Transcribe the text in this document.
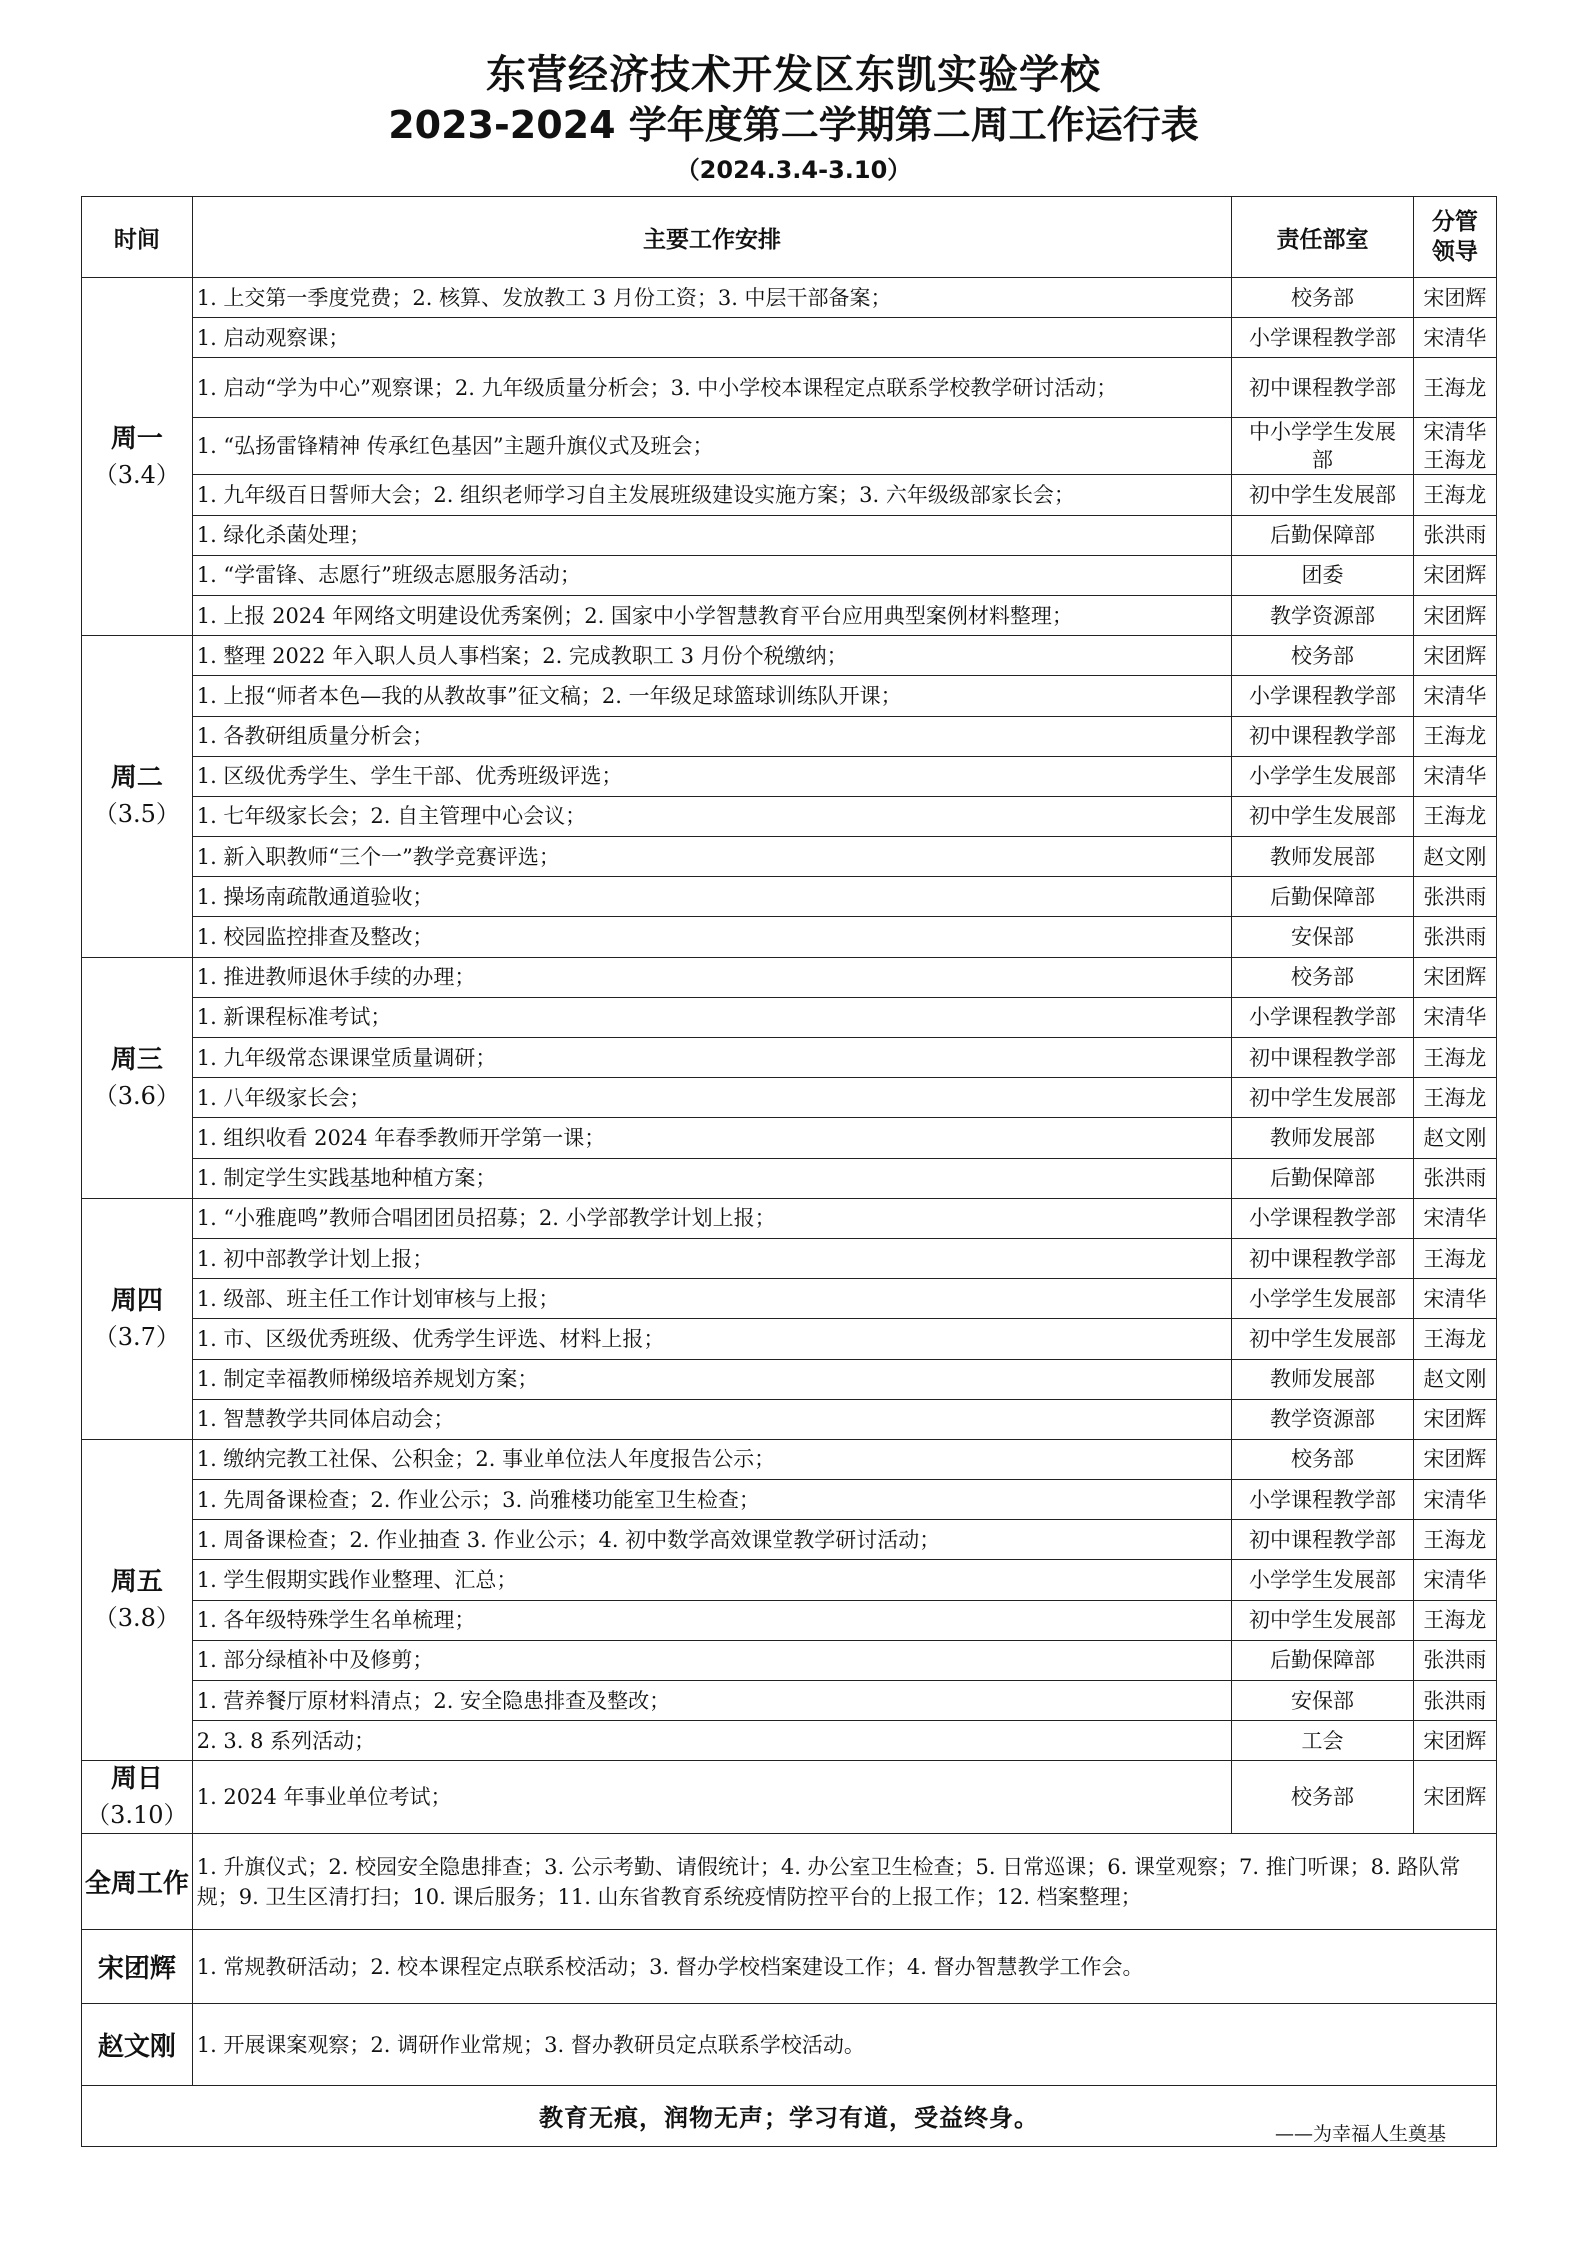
东营经济技术开发区东凯实验学校
2023-2024 学年度第二学期第二周工作运行表
（2024.3.4-3.10）
时间	主要工作安排	责任部室	分管
领导

周一
（3.4）	1. 上交第一季度党费；2. 核算、发放教工 3 月份工资；3. 中层干部备案；	校务部	宋团辉
	1. 启动观察课；	小学课程教学部	宋清华
	1. 启动“学为中心”观察课；2. 九年级质量分析会；3. 中小学校本课程定点联系学校教学研讨活动；	初中课程教学部	王海龙
	1. “弘扬雷锋精神 传承红色基因”主题升旗仪式及班会；	中小学学生发展部	宋清华 王海龙
	1. 九年级百日誓师大会；2. 组织老师学习自主发展班级建设实施方案；3. 六年级级部家长会；	初中学生发展部	王海龙
	1. 绿化杀菌处理；	后勤保障部	张洪雨
	1. “学雷锋、志愿行”班级志愿服务活动；	团委	宋团辉
	1. 上报 2024 年网络文明建设优秀案例；2. 国家中小学智慧教育平台应用典型案例材料整理；	教学资源部	宋团辉

周二
（3.5）	1. 整理 2022 年入职人员人事档案；2. 完成教职工 3 月份个税缴纳；	校务部	宋团辉
	1. 上报“师者本色—我的从教故事”征文稿；2. 一年级足球篮球训练队开课；	小学课程教学部	宋清华
	1. 各教研组质量分析会；	初中课程教学部	王海龙
	1. 区级优秀学生、学生干部、优秀班级评选；	小学学生发展部	宋清华
	1. 七年级家长会；2. 自主管理中心会议；	初中学生发展部	王海龙
	1. 新入职教师“三个一”教学竞赛评选；	教师发展部	赵文刚
	1. 操场南疏散通道验收；	后勤保障部	张洪雨
	1. 校园监控排查及整改；	安保部	张洪雨

周三
（3.6）	1. 推进教师退休手续的办理；	校务部	宋团辉
	1. 新课程标准考试；	小学课程教学部	宋清华
	1. 九年级常态课课堂质量调研；	初中课程教学部	王海龙
	1. 八年级家长会；	初中学生发展部	王海龙
	1. 组织收看 2024 年春季教师开学第一课；	教师发展部	赵文刚
	1. 制定学生实践基地种植方案；	后勤保障部	张洪雨

周四
（3.7）	1. “小雅鹿鸣”教师合唱团团员招募；2. 小学部教学计划上报；	小学课程教学部	宋清华
	1. 初中部教学计划上报；	初中课程教学部	王海龙
	1. 级部、班主任工作计划审核与上报；	小学学生发展部	宋清华
	1. 市、区级优秀班级、优秀学生评选、材料上报；	初中学生发展部	王海龙
	1. 制定幸福教师梯级培养规划方案；	教师发展部	赵文刚
	1. 智慧教学共同体启动会；	教学资源部	宋团辉

周五
（3.8）	1. 缴纳完教工社保、公积金；2. 事业单位法人年度报告公示；	校务部	宋团辉
	1. 先周备课检查；2. 作业公示；3. 尚雅楼功能室卫生检查；	小学课程教学部	宋清华
	1. 周备课检查；2. 作业抽查 3. 作业公示；4. 初中数学高效课堂教学研讨活动；	初中课程教学部	王海龙
	1. 学生假期实践作业整理、汇总；	小学学生发展部	宋清华
	1. 各年级特殊学生名单梳理；	初中学生发展部	王海龙
	1. 部分绿植补中及修剪；	后勤保障部	张洪雨
	1. 营养餐厅原材料清点；2. 安全隐患排查及整改；	安保部	张洪雨
	2. 3. 8 系列活动；	工会	宋团辉

周日
（3.10）	1. 2024 年事业单位考试；	校务部	宋团辉
全周工作	1. 升旗仪式；2. 校园安全隐患排查；3. 公示考勤、请假统计；4. 办公室卫生检查；5. 日常巡课；6. 课堂观察；7. 推门听课；8. 路队常规；9. 卫生区清打扫；10. 课后服务；11. 山东省教育系统疫情防控平台的上报工作；12. 档案整理；		
宋团辉	1. 常规教研活动；2. 校本课程定点联系校活动；3. 督办学校档案建设工作；4. 督办智慧教学工作会。		
赵文刚	1. 开展课案观察；2. 调研作业常规；3. 督办教研员定点联系学校活动。		

教育无痕，润物无声；学习有道，受益终身。
——为幸福人生奠基			
